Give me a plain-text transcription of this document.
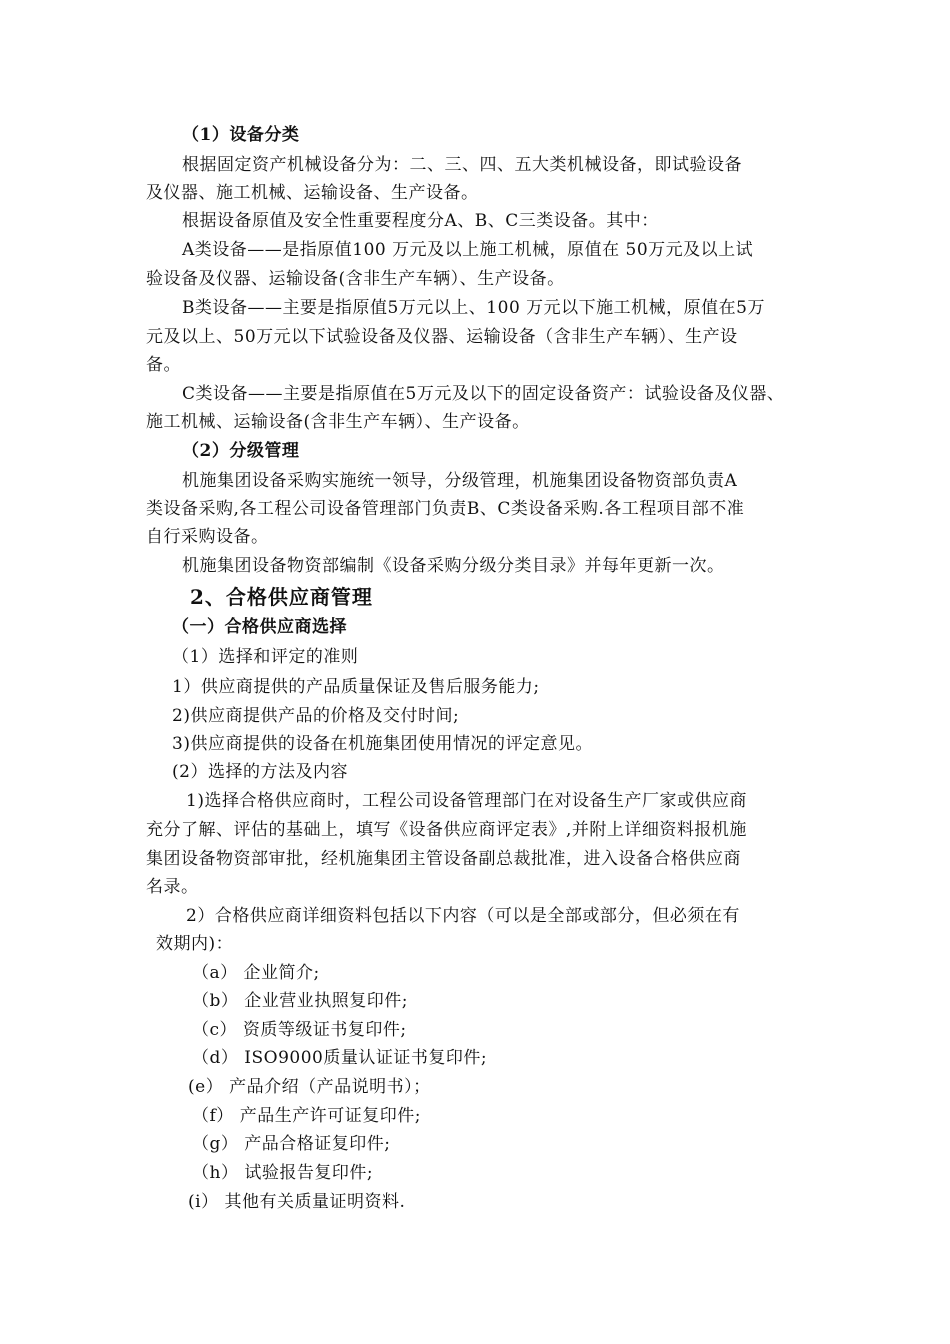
（1）设备分类
根据固定资产机械设备分为：二、三、四、五大类机械设备，即试验设备
及仪器、施工机械、运输设备、生产设备。
根据设备原值及安全性重要程度分A、B、C三类设备。其中：
A类设备——是指原值100 万元及以上施工机械，原值在 50万元及以上试
验设备及仪器、运输设备(含非生产车辆）、生产设备。
B类设备——主要是指原值5万元以上、100 万元以下施工机械，原值在5万
元及以上、50万元以下试验设备及仪器、运输设备（含非生产车辆）、生产设
备。
C类设备——主要是指原值在5万元及以下的固定设备资产：试验设备及仪器、
施工机械、运输设备(含非生产车辆）、生产设备。
（2）分级管理
机施集团设备采购实施统一领导，分级管理，机施集团设备物资部负责A
类设备采购,各工程公司设备管理部门负责B、C类设备采购.各工程项目部不准
自行采购设备。
机施集团设备物资部编制《设备采购分级分类目录》并每年更新一次。
2、合格供应商管理
（一）合格供应商选择
（1）选择和评定的准则
1）供应商提供的产品质量保证及售后服务能力;
2)供应商提供产品的价格及交付时间;
3)供应商提供的设备在机施集团使用情况的评定意见。
(2）选择的方法及内容
1)选择合格供应商时，工程公司设备管理部门在对设备生产厂家或供应商
充分了解、评估的基础上，填写《设备供应商评定表》,并附上详细资料报机施
集团设备物资部审批，经机施集团主管设备副总裁批准，进入设备合格供应商
名录。
2）合格供应商详细资料包括以下内容（可以是全部或部分，但必须在有
效期内)：
（a） 企业简介;
（b） 企业营业执照复印件;
（c） 资质等级证书复印件;
（d） ISO9000质量认证证书复印件;
(e） 产品介绍（产品说明书）；
（f） 产品生产许可证复印件;
（g） 产品合格证复印件;
（h） 试验报告复印件;
(i） 其他有关质量证明资料.
